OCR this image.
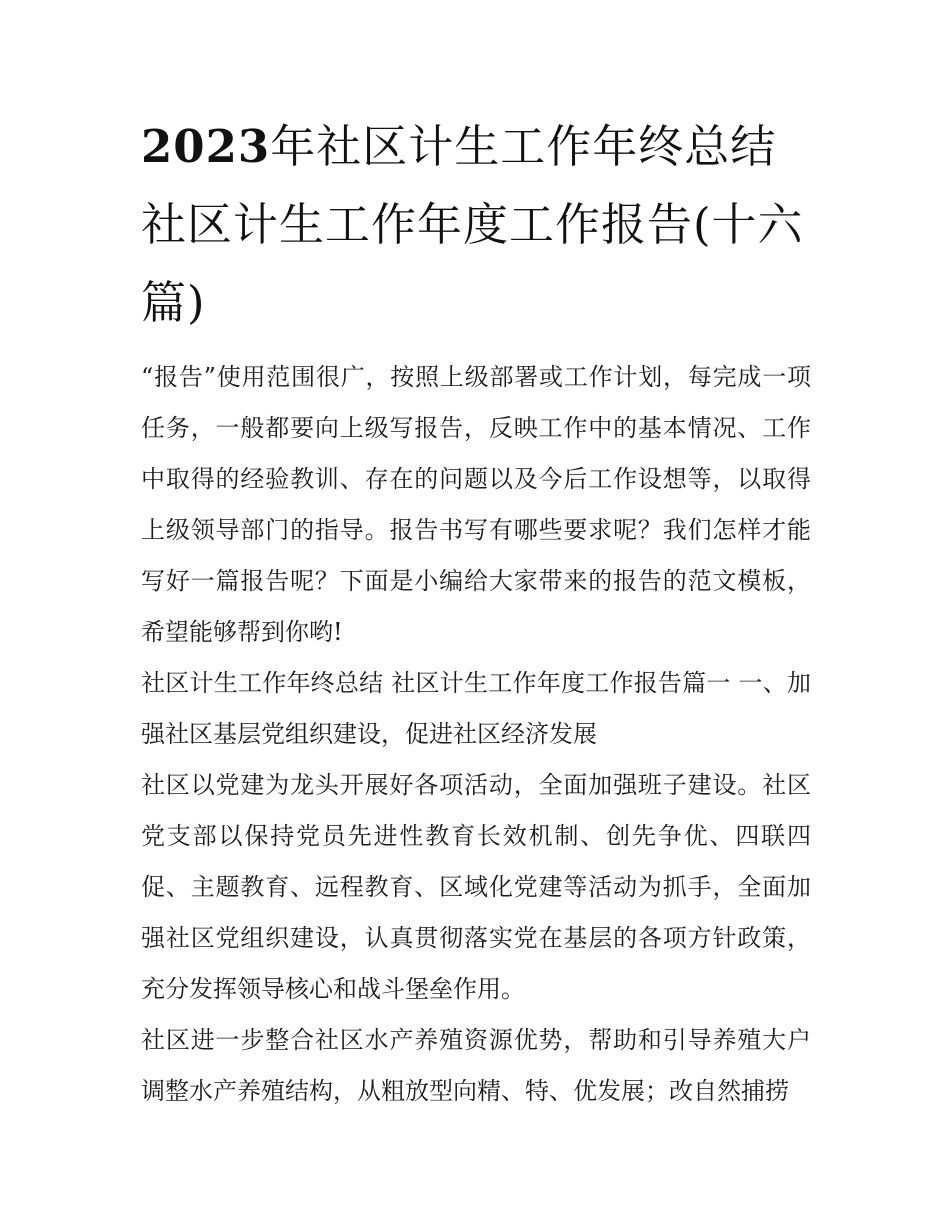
2023年社区计生工作年终总结 社区计生工作年度工作报告(十六篇)

“报告”使用范围很广，按照上级部署或工作计划，每完成一项任务，一般都要向上级写报告，反映工作中的基本情况、工作中取得的经验教训、存在的问题以及今后工作设想等，以取得上级领导部门的指导。报告书写有哪些要求呢？我们怎样才能写好一篇报告呢？下面是小编给大家带来的报告的范文模板，希望能够帮到你哟!

社区计生工作年终总结 社区计生工作年度工作报告篇一 一、加强社区基层党组织建设，促进社区经济发展

社区以党建为龙头开展好各项活动，全面加强班子建设。社区党支部以保持党员先进性教育长效机制、创先争优、四联四促、主题教育、远程教育、区域化党建等活动为抓手，全面加强社区党组织建设，认真贯彻落实党在基层的各项方针政策，充分发挥领导核心和战斗堡垒作用。

社区进一步整合社区水产养殖资源优势，帮助和引导养殖大户调整水产养殖结构，从粗放型向精、特、优发展；改自然捕捞
